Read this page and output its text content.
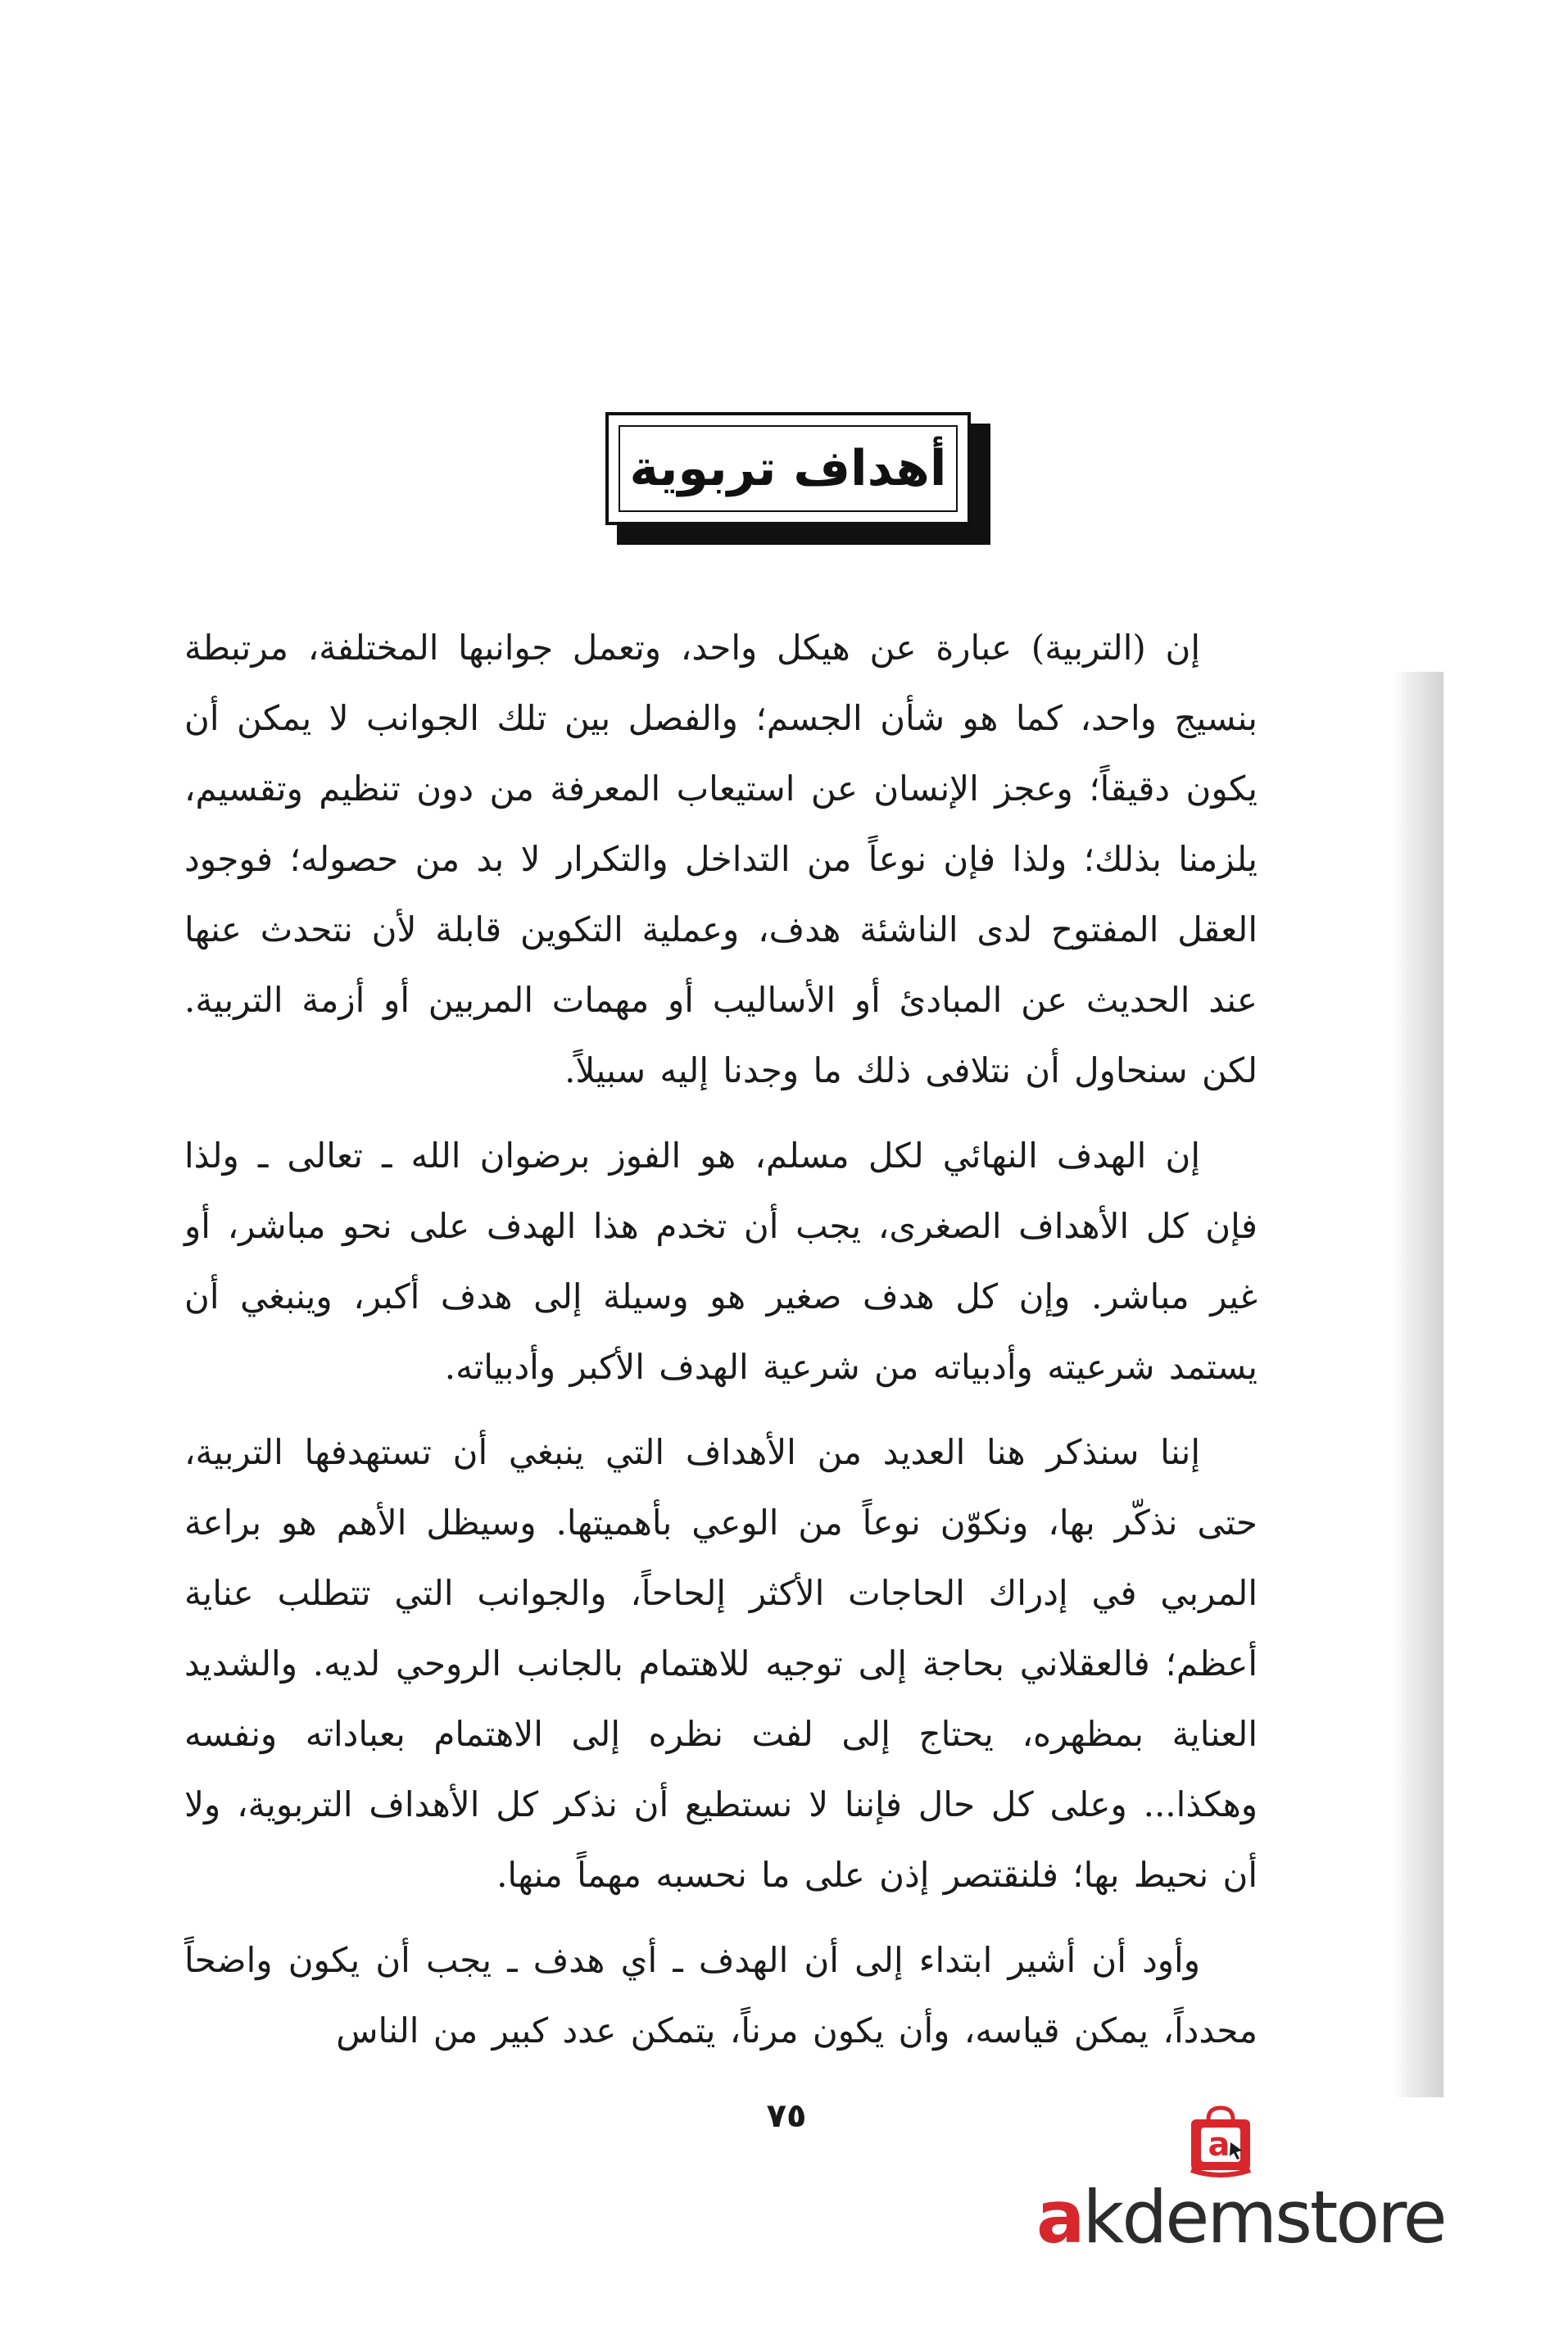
أهداف تربوية

إن (التربية) عبارة عن هيكل واحد، وتعمل جوانبها المختلفة، مرتبطة بنسيج واحد، كما هو شأن الجسم؛ والفصل بين تلك الجوانب لا يمكن أن يكون دقيقاً؛ وعجز الإنسان عن استيعاب المعرفة من دون تنظيم وتقسيم، يلزمنا بذلك؛ ولذا فإن نوعاً من التداخل والتكرار لا بد من حصوله؛ فوجود العقل المفتوح لدى الناشئة هدف، وعملية التكوين قابلة لأن نتحدث عنها عند الحديث عن المبادئ أو الأساليب أو مهمات المربين أو أزمة التربية. لكن سنحاول أن نتلافى ذلك ما وجدنا إليه سبيلاً.

إن الهدف النهائي لكل مسلم، هو الفوز برضوان الله ـ تعالى ـ ولذا فإن كل الأهداف الصغرى، يجب أن تخدم هذا الهدف على نحو مباشر، أو غير مباشر. وإن كل هدف صغير هو وسيلة إلى هدف أكبر، وينبغي أن يستمد شرعيته وأدبياته من شرعية الهدف الأكبر وأدبياته.

إننا سنذكر هنا العديد من الأهداف التي ينبغي أن تستهدفها التربية، حتى نذكّر بها، ونكوّن نوعاً من الوعي بأهميتها. وسيظل الأهم هو براعة المربي في إدراك الحاجات الأكثر إلحاحاً، والجوانب التي تتطلب عناية أعظم؛ فالعقلاني بحاجة إلى توجيه للاهتمام بالجانب الروحي لديه. والشديد العناية بمظهره، يحتاج إلى لفت نظره إلى الاهتمام بعباداته ونفسه وهكذا... وعلى كل حال فإننا لا نستطيع أن نذكر كل الأهداف التربوية، ولا أن نحيط بها؛ فلنقتصر إذن على ما نحسبه مهماً منها.

وأود أن أشير ابتداء إلى أن الهدف ـ أي هدف ـ يجب أن يكون واضحاً محدداً، يمكن قياسه، وأن يكون مرناً، يتمكن عدد كبير من الناس

٧٥
a
akdemstore
